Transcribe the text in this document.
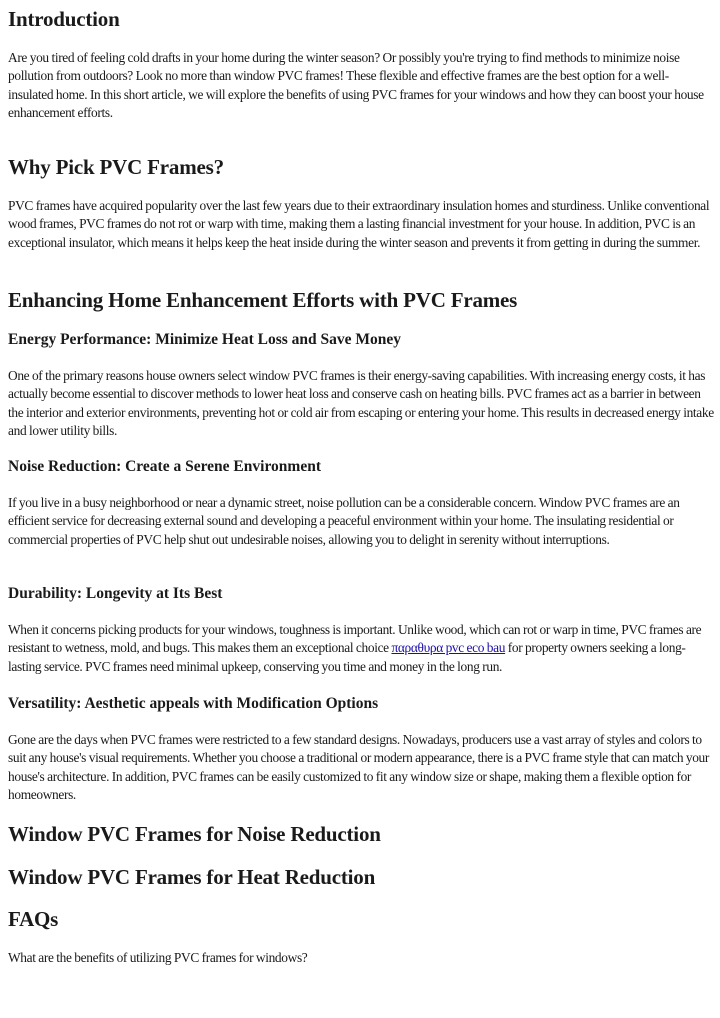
Introduction

Are you tired of feeling cold drafts in your home during the winter season? Or possibly you're trying to find methods to minimize noise pollution from outdoors? Look no more than window PVC frames! These flexible and effective frames are the best option for a well-insulated home. In this short article, we will explore the benefits of using PVC frames for your windows and how they can boost your house enhancement efforts.

Why Pick PVC Frames?

PVC frames have acquired popularity over the last few years due to their extraordinary insulation homes and sturdiness. Unlike conventional wood frames, PVC frames do not rot or warp with time, making them a lasting financial investment for your house. In addition, PVC is an exceptional insulator, which means it helps keep the heat inside during the winter season and prevents it from getting in during the summer.

Enhancing Home Enhancement Efforts with PVC Frames
Energy Performance: Minimize Heat Loss and Save Money

One of the primary reasons house owners select window PVC frames is their energy-saving capabilities. With increasing energy costs, it has actually become essential to discover methods to lower heat loss and conserve cash on heating bills. PVC frames act as a barrier in between the interior and exterior environments, preventing hot or cold air from escaping or entering your home. This results in decreased energy intake and lower utility bills.

Noise Reduction: Create a Serene Environment

If you live in a busy neighborhood or near a dynamic street, noise pollution can be a considerable concern. Window PVC frames are an efficient service for decreasing external sound and developing a peaceful environment within your home. The insulating residential or commercial properties of PVC help shut out undesirable noises, allowing you to delight in serenity without interruptions.

Durability: Longevity at Its Best

When it concerns picking products for your windows, toughness is important. Unlike wood, which can rot or warp in time, PVC frames are resistant to wetness, mold, and bugs. This makes them an exceptional choice παραθυρα pvc eco bau for property owners seeking a long-lasting service. PVC frames need minimal upkeep, conserving you time and money in the long run.

Versatility: Aesthetic appeals with Modification Options

Gone are the days when PVC frames were restricted to a few standard designs. Nowadays, producers use a vast array of styles and colors to suit any house's visual requirements. Whether you choose a traditional or modern appearance, there is a PVC frame style that can match your house's architecture. In addition, PVC frames can be easily customized to fit any window size or shape, making them a flexible option for homeowners.

Window PVC Frames for Noise Reduction
Window PVC Frames for Heat Reduction
FAQs

What are the benefits of utilizing PVC frames for windows?
